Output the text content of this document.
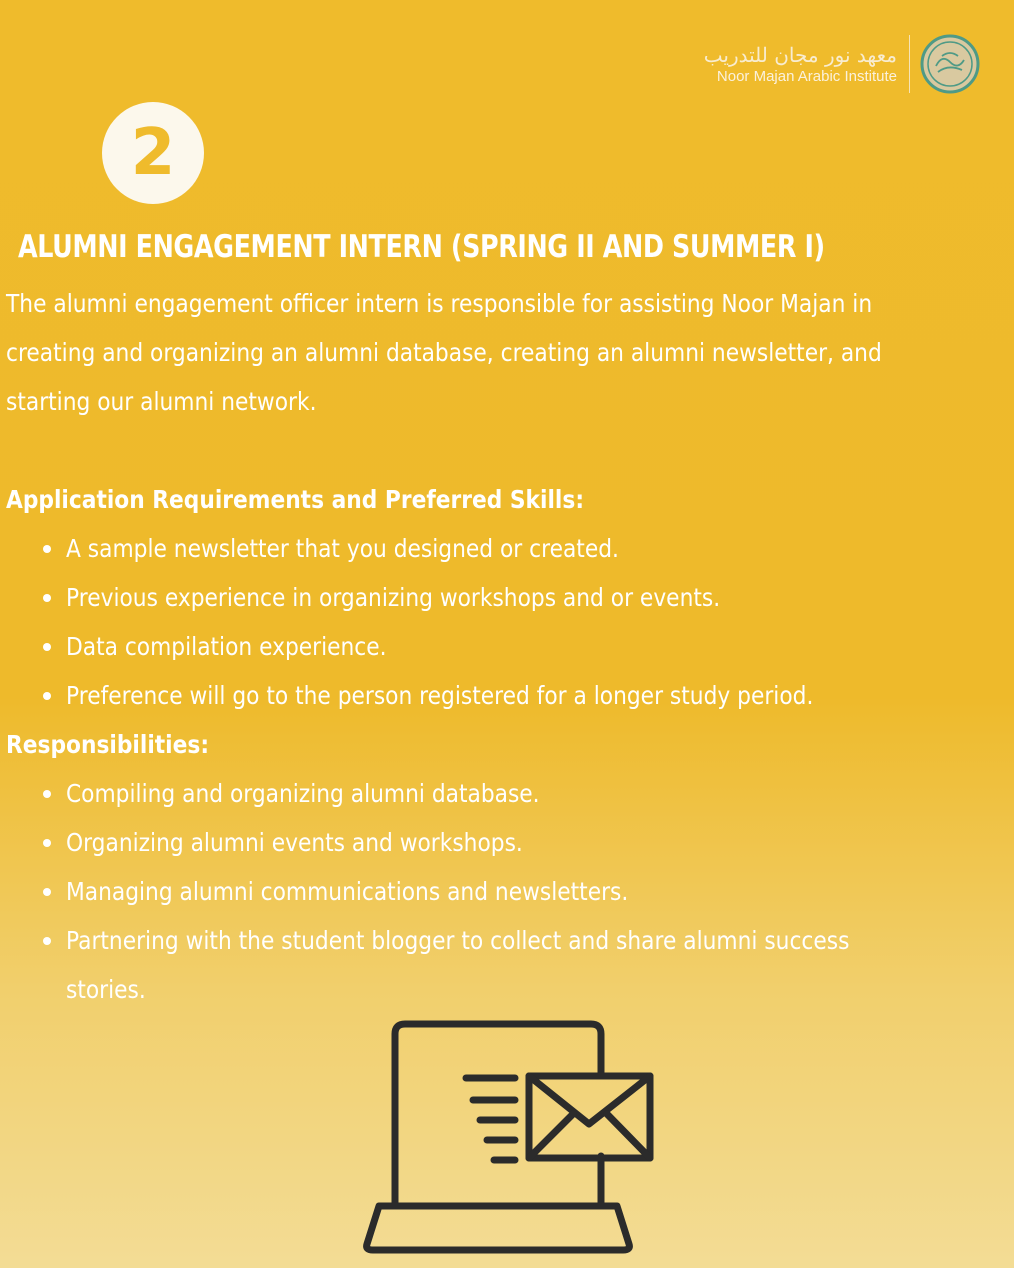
معهد نور مجان للتدريب
Noor Majan Arabic Institute
2
ALUMNI ENGAGEMENT INTERN (SPRING II AND SUMMER I)

The alumni engagement officer intern is responsible for assisting Noor Majan in

creating and organizing an alumni database, creating an alumni newsletter, and

starting our alumni network.

Application Requirements and Preferred Skills:

A sample newsletter that you designed or created.
Previous experience in organizing workshops and or events.
Data compilation experience.
Preference will go to the person registered for a longer study period.

Responsibilities:

Compiling and organizing alumni database.
Organizing alumni events and workshops.
Managing alumni communications and newsletters.
Partnering with the student blogger to collect and share alumni success
stories.
